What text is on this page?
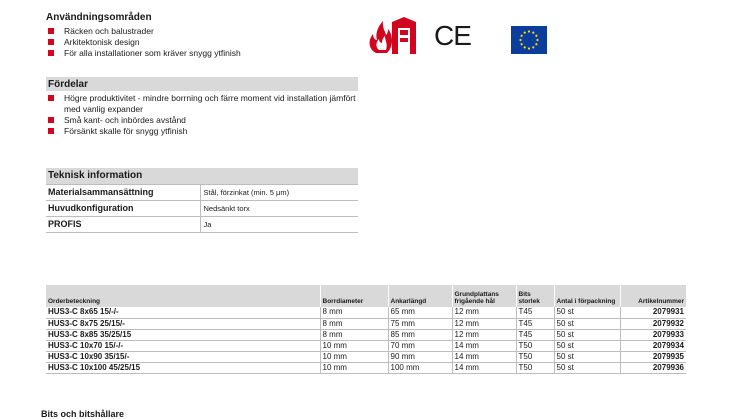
Användningsområden
Räcken och balustrader
Arkitektonisk design
För alla installationer som kräver snygg ytfinish
CE
Fördelar
Högre produktivitet - mindre borrning och färre moment vid installation jämfört med vanlig expander
Små kant- och inbördes avstånd
Försänkt skalle för snygg ytfinish
Teknisk information	
Materialsammansättning	Stål, förzinkat (min. 5 μm)
Huvudkonfiguration	Nedsänkt torx
PROFIS	Ja
Orderbeteckning	Borrdiameter	Ankarlängd	Grundplattans frigående hål	Bits storlek	Antal i förpackning	Artikelnummer
HUS3-C 8x65 15/-/-	8 mm	65 mm	12 mm	T45	50 st	2079931
HUS3-C 8x75 25/15/-	8 mm	75 mm	12 mm	T45	50 st	2079932
HUS3-C 8x85 35/25/15	8 mm	85 mm	12 mm	T45	50 st	2079933
HUS3-C 10x70 15/-/-	10 mm	70 mm	14 mm	T50	50 st	2079934
HUS3-C 10x90 35/15/-	10 mm	90 mm	14 mm	T50	50 st	2079935
HUS3-C 10x100 45/25/15	10 mm	100 mm	14 mm	T50	50 st	2079936
Bits och bitshållare
